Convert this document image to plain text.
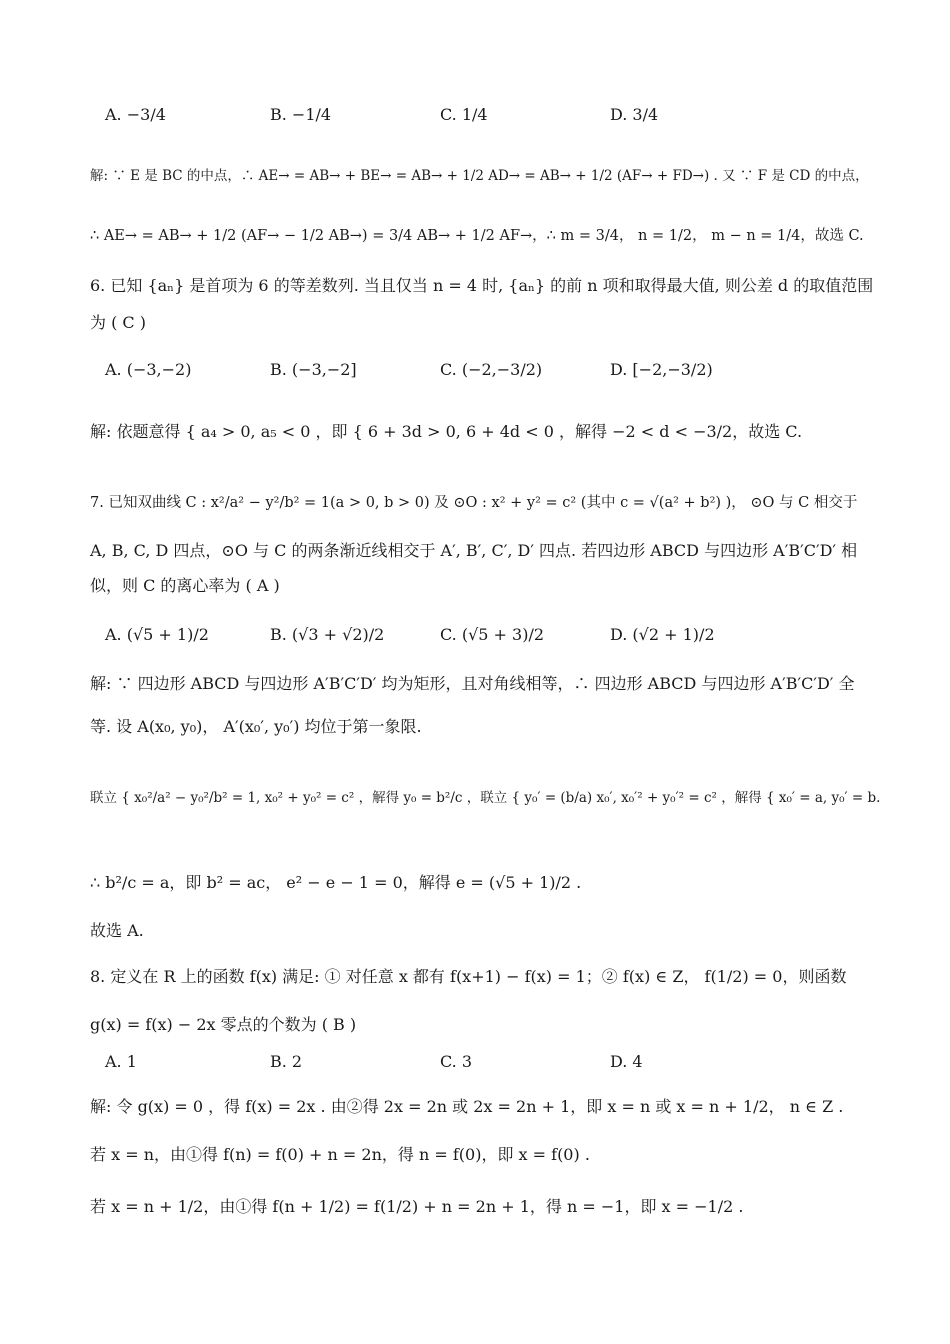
A. −3/4	B. −1/4	C. 1/4	D. 3/4
解: ∵ E 是 BC 的中点，∴ AE→ = AB→ + BE→ = AB→ + 1/2 AD→ = AB→ + 1/2 (AF→ + FD→) . 又 ∵ F 是 CD 的中点，
∴ AE→ = AB→ + 1/2 (AF→ − 1/2 AB→) = 3/4 AB→ + 1/2 AF→，∴ m = 3/4， n = 1/2， m − n = 1/4，故选 C.
6. 已知 {aₙ} 是首项为 6 的等差数列. 当且仅当 n = 4 时, {aₙ} 的前 n 项和取得最大值, 则公差 d 的取值范围
为 ( C )
A. (−3,−2)	B. (−3,−2]	C. (−2,−3/2)	D. [−2,−3/2)
解: 依题意得 { a₄ > 0, a₅ < 0 ，即 { 6 + 3d > 0, 6 + 4d < 0 ，解得 −2 < d < −3/2，故选 C.
7. 已知双曲线 C : x²/a² − y²/b² = 1(a > 0, b > 0) 及 ⊙O : x² + y² = c² (其中 c = √(a² + b²) )， ⊙O 与 C 相交于
A, B, C, D 四点，⊙O 与 C 的两条渐近线相交于 A′, B′, C′, D′ 四点. 若四边形 ABCD 与四边形 A′B′C′D′ 相
似，则 C 的离心率为 ( A )
A. (√5 + 1)/2	B. (√3 + √2)/2	C. (√5 + 3)/2	D. (√2 + 1)/2
解: ∵ 四边形 ABCD 与四边形 A′B′C′D′ 均为矩形，且对角线相等，∴ 四边形 ABCD 与四边形 A′B′C′D′ 全
等. 设 A(x₀, y₀)， A′(x₀′, y₀′) 均位于第一象限.
联立 { x₀²/a² − y₀²/b² = 1, x₀² + y₀² = c² ，解得 y₀ = b²/c ，联立 { y₀′ = (b/a) x₀′, x₀′² + y₀′² = c² ，解得 { x₀′ = a, y₀′ = b.
∴ b²/c = a，即 b² = ac， e² − e − 1 = 0，解得 e = (√5 + 1)/2 .
故选 A.
8. 定义在 R 上的函数 f(x) 满足: ① 对任意 x 都有 f(x+1) − f(x) = 1；② f(x) ∈ Z， f(1/2) = 0，则函数
g(x) = f(x) − 2x 零点的个数为 ( B )
A. 1	B. 2	C. 3	D. 4
解: 令 g(x) = 0 ，得 f(x) = 2x . 由②得 2x = 2n 或 2x = 2n + 1，即 x = n 或 x = n + 1/2， n ∈ Z .
若 x = n，由①得 f(n) = f(0) + n = 2n，得 n = f(0)，即 x = f(0) .
若 x = n + 1/2，由①得 f(n + 1/2) = f(1/2) + n = 2n + 1，得 n = −1，即 x = −1/2 .
